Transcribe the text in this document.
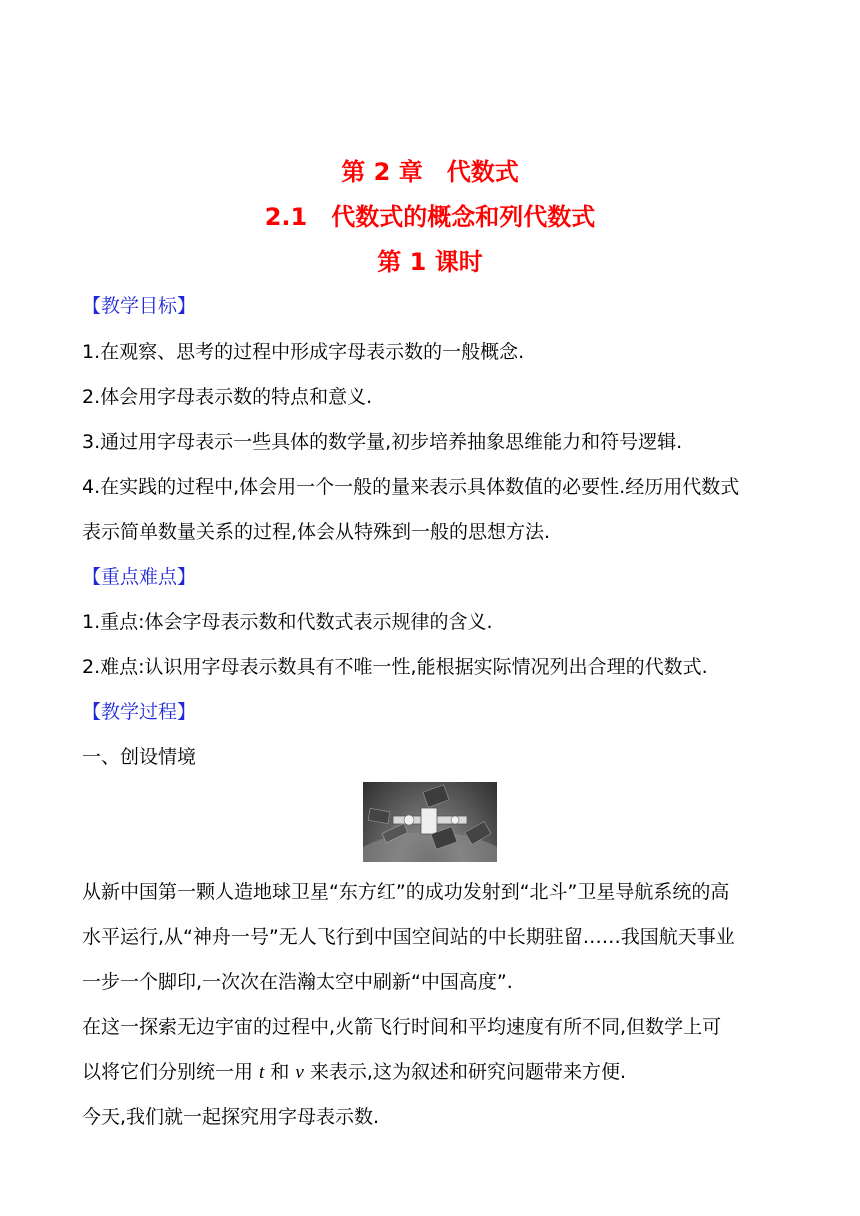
第 2 章　代数式
2.1　代数式的概念和列代数式
第 1 课时
【教学目标】
1.在观察、思考的过程中形成字母表示数的一般概念.
2.体会用字母表示数的特点和意义.
3.通过用字母表示一些具体的数学量,初步培养抽象思维能力和符号逻辑.
4.在实践的过程中,体会用一个一般的量来表示具体数值的必要性.经历用代数式
表示简单数量关系的过程,体会从特殊到一般的思想方法.
【重点难点】
1.重点:体会字母表示数和代数式表示规律的含义.
2.难点:认识用字母表示数具有不唯一性,能根据实际情况列出合理的代数式.
【教学过程】
一、创设情境
从新中国第一颗人造地球卫星“东方红”的成功发射到“北斗”卫星导航系统的高
水平运行,从“神舟一号”无人飞行到中国空间站的中长期驻留……我国航天事业
一步一个脚印,一次次在浩瀚太空中刷新“中国高度”.
在这一探索无边宇宙的过程中,火箭飞行时间和平均速度有所不同,但数学上可
以将它们分别统一用 t 和 v 来表示,这为叙述和研究问题带来方便.
今天,我们就一起探究用字母表示数.
